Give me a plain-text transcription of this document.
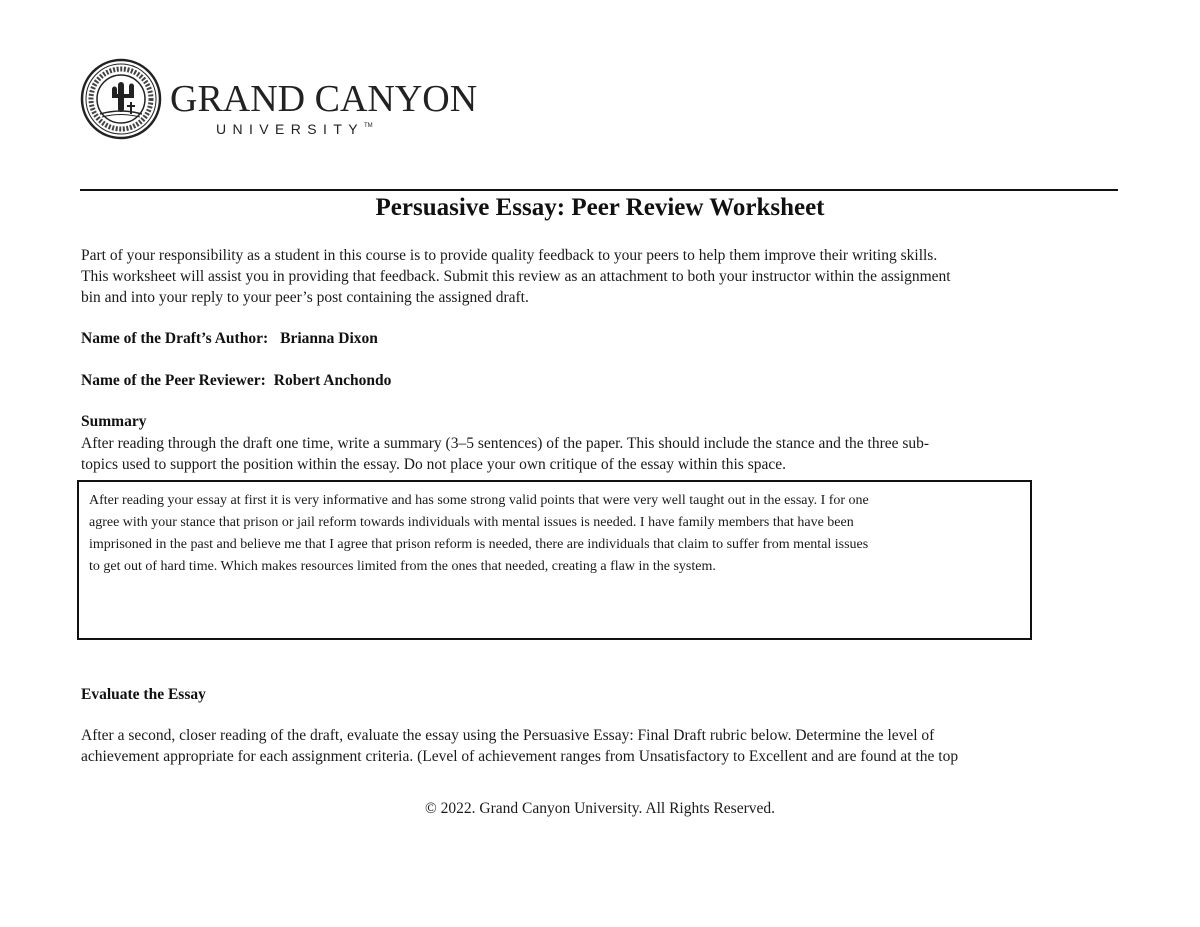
GRAND CANYON
UNIVERSITY™
Persuasive Essay: Peer Review Worksheet
Part of your responsibility as a student in this course is to provide quality feedback to your peers to help them improve their writing skills.
This worksheet will assist you in providing that feedback. Submit this review as an attachment to both your instructor within the assignment
bin and into your reply to your peer’s post containing the assigned draft.
Name of the Draft’s Author: Brianna Dixon
Name of the Peer Reviewer: Robert Anchondo
Summary
After reading through the draft one time, write a summary (3–5 sentences) of the paper. This should include the stance and the three sub-
topics used to support the position within the essay. Do not place your own critique of the essay within this space.
After reading your essay at first it is very informative and has some strong valid points that were very well taught out in the essay. I for one
agree with your stance that prison or jail reform towards individuals with mental issues is needed. I have family members that have been
imprisoned in the past and believe me that I agree that prison reform is needed, there are individuals that claim to suffer from mental issues
to get out of hard time. Which makes resources limited from the ones that needed, creating a flaw in the system.
Evaluate the Essay
After a second, closer reading of the draft, evaluate the essay using the Persuasive Essay: Final Draft rubric below. Determine the level of
achievement appropriate for each assignment criteria. (Level of achievement ranges from Unsatisfactory to Excellent and are found at the top
© 2022. Grand Canyon University. All Rights Reserved.
